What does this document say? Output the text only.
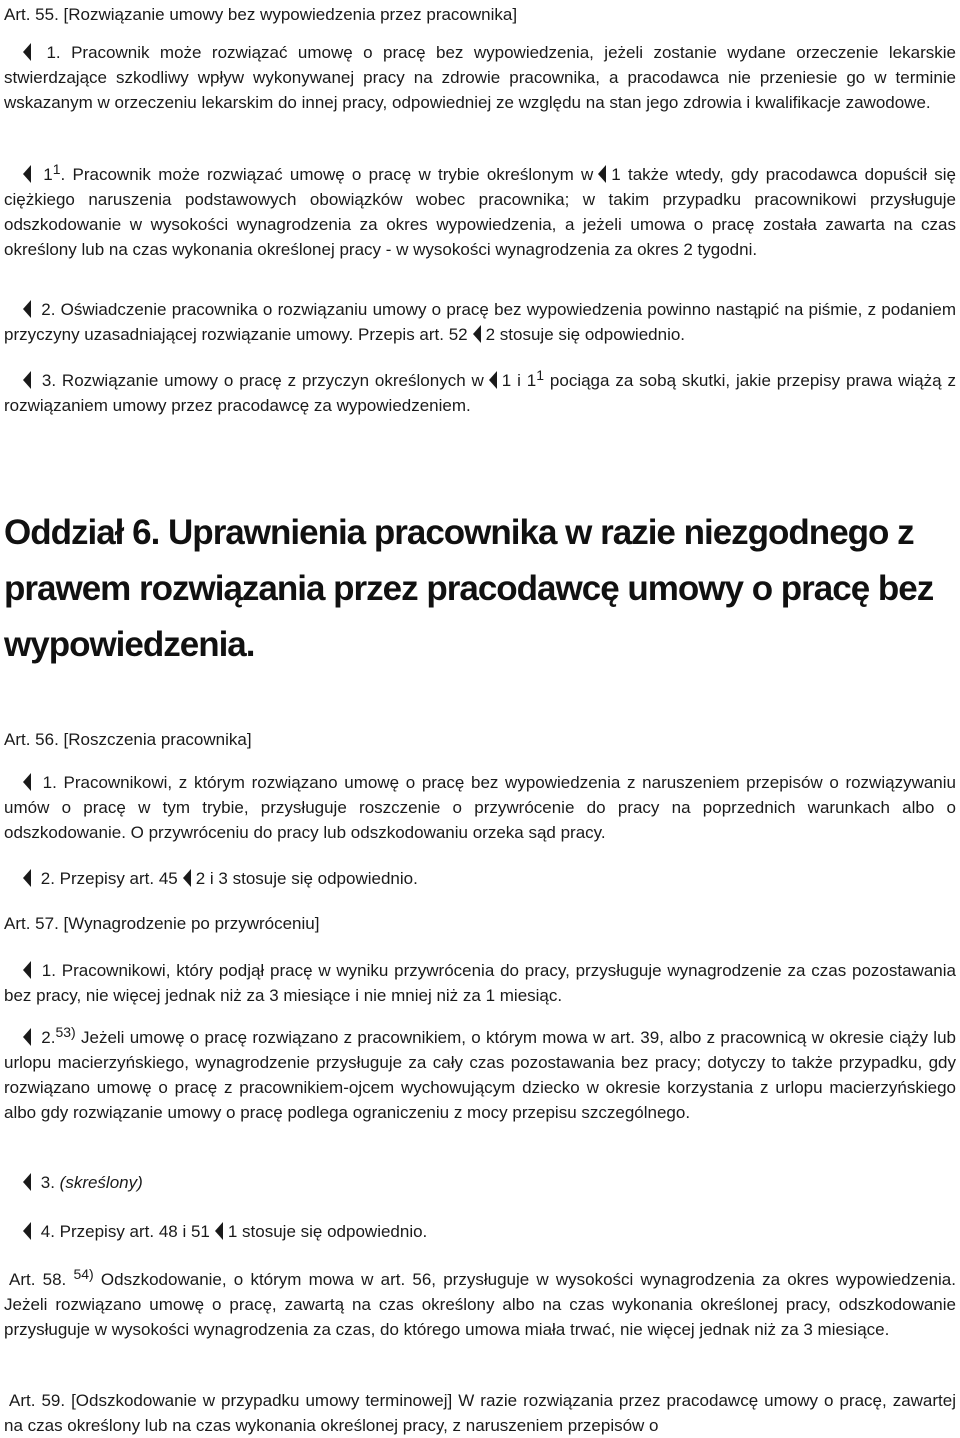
Art. 55. [Rozwiązanie umowy bez wypowiedzenia przez pracownika]

1. Pracownik może rozwiązać umowę o pracę bez wypowiedzenia, jeżeli zostanie wydane orzeczenie lekarskie stwierdzające szkodliwy wpływ wykonywanej pracy na zdrowie pracownika, a pracodawca nie przeniesie go w terminie wskazanym w orzeczeniu lekarskim do innej pracy, odpowiedniej ze względu na stan jego zdrowia i kwalifikacje zawodowe.

$1^1$. Pracownik może rozwiązać umowę o pracę w trybie określonym w 1 także wtedy, gdy pracodawca dopuścił się ciężkiego naruszenia podstawowych obowiązków wobec pracownika; w takim przypadku pracownikowi przysługuje odszkodowanie w wysokości wynagrodzenia za okres wypowiedzenia, a jeżeli umowa o pracę została zawarta na czas określony lub na czas wykonania określonej pracy - w wysokości wynagrodzenia za okres 2 tygodni.

2. Oświadczenie pracownika o rozwiązaniu umowy o pracę bez wypowiedzenia powinno nastąpić na piśmie, z podaniem przyczyny uzasadniającej rozwiązanie umowy. Przepis art. 52 2 stosuje się odpowiednio.

3. Rozwiązanie umowy o pracę z przyczyn określonych w 1 i $1^1$ pociąga za sobą skutki, jakie przepisy prawa wiążą z rozwiązaniem umowy przez pracodawcę za wypowiedzeniem.

Oddział 6. Uprawnienia pracownika w razie niezgodnego z prawem rozwiązania przez pracodawcę umowy o pracę bez wypowiedzenia.

Art. 56. [Roszczenia pracownika]

1. Pracownikowi, z którym rozwiązano umowę o pracę bez wypowiedzenia z naruszeniem przepisów o rozwiązywaniu umów o pracę w tym trybie, przysługuje roszczenie o przywrócenie do pracy na poprzednich warunkach albo o odszkodowanie. O przywróceniu do pracy lub odszkodowaniu orzeka sąd pracy.

2. Przepisy art. 45 2 i 3 stosuje się odpowiednio.

Art. 57. [Wynagrodzenie po przywróceniu]

1. Pracownikowi, który podjął pracę w wyniku przywrócenia do pracy, przysługuje wynagrodzenie za czas pozostawania bez pracy, nie więcej jednak niż za 3 miesiące i nie mniej niż za 1 miesiąc.

2.$^{53)}$ Jeżeli umowę o pracę rozwiązano z pracownikiem, o którym mowa w art. 39, albo z pracownicą w okresie ciąży lub urlopu macierzyńskiego, wynagrodzenie przysługuje za cały czas pozostawania bez pracy; dotyczy to także przypadku, gdy rozwiązano umowę o pracę z pracownikiem-ojcem wychowującym dziecko w okresie korzystania z urlopu macierzyńskiego albo gdy rozwiązanie umowy o pracę podlega ograniczeniu z mocy przepisu szczególnego.

3. (skreślony)

4. Przepisy art. 48 i 51 1 stosuje się odpowiednio.

Art. 58. $^{54)}$ Odszkodowanie, o którym mowa w art. 56, przysługuje w wysokości wynagrodzenia za okres wypowiedzenia. Jeżeli rozwiązano umowę o pracę, zawartą na czas określony albo na czas wykonania określonej pracy, odszkodowanie przysługuje w wysokości wynagrodzenia za czas, do którego umowa miała trwać, nie więcej jednak niż za 3 miesiące.

Art. 59. [Odszkodowanie w przypadku umowy terminowej] W razie rozwiązania przez pracodawcę umowy o pracę, zawartej na czas określony lub na czas wykonania określonej pracy, z naruszeniem przepisów o
